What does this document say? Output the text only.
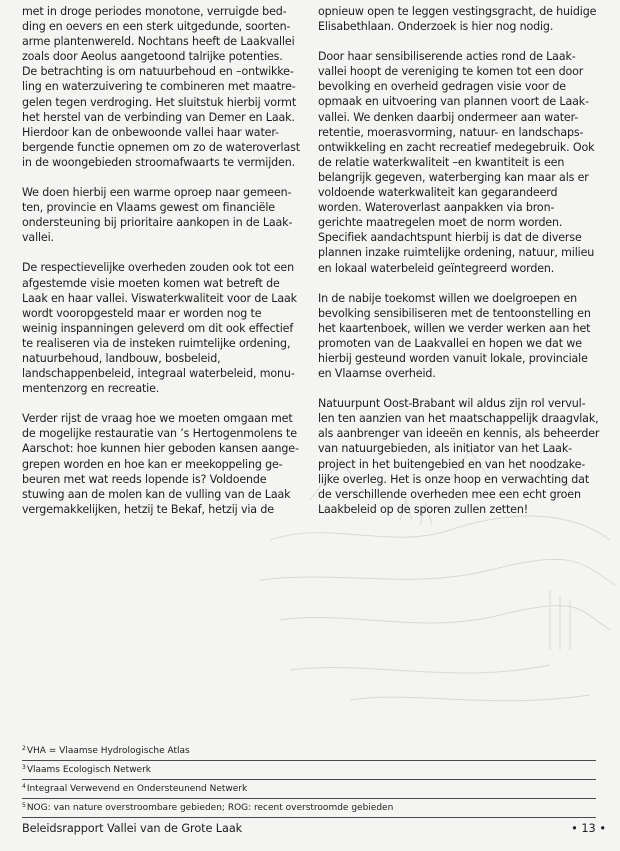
met in droge periodes monotone, verruigde bed-
ding en oevers en een sterk uitgedunde, soorten-
arme plantenwereld. Nochtans heeft de Laakvallei
zoals door Aeolus aangetoond talrijke potenties.
De betrachting is om natuurbehoud en –ontwikke-
ling en waterzuivering te combineren met maatre-
gelen tegen verdroging. Het sluitstuk hierbij vormt
het herstel van de verbinding van Demer en Laak.
Hierdoor kan de onbewoonde vallei haar water-
bergende functie opnemen om zo de wateroverlast
in de woongebieden stroomafwaarts te vermijden.

We doen hierbij een warme oproep naar gemeen-
ten, provincie en Vlaams gewest om financiële
ondersteuning bij prioritaire aankopen in de Laak-
vallei.

De respectievelijke overheden zouden ook tot een
afgestemde visie moeten komen wat betreft de
Laak en haar vallei. Viswaterkwaliteit voor de Laak
wordt vooropgesteld maar er worden nog te
weinig inspanningen geleverd om dit ook effectief
te realiseren via de insteken ruimtelijke ordening,
natuurbehoud, landbouw, bosbeleid,
landschappenbeleid, integraal waterbeleid, monu-
mentenzorg en recreatie.

Verder rijst de vraag hoe we moeten omgaan met
de mogelijke restauratie van ’s Hertogenmolens te
Aarschot: hoe kunnen hier geboden kansen aange-
grepen worden en hoe kan er meekoppeling ge-
beuren met wat reeds lopende is? Voldoende
stuwing aan de molen kan de vulling van de Laak
vergemakkelijken, hetzij te Bekaf, hetzij via de

opnieuw open te leggen vestingsgracht, de huidige
Elisabethlaan. Onderzoek is hier nog nodig.

Door haar sensibiliserende acties rond de Laak-
vallei hoopt de vereniging te komen tot een door
bevolking en overheid gedragen visie voor de
opmaak en uitvoering van plannen voort de Laak-
vallei. We denken daarbij ondermeer aan water-
retentie, moerasvorming, natuur- en landschaps-
ontwikkeling en zacht recreatief medegebruik. Ook
de relatie waterkwaliteit –en kwantiteit is een
belangrijk gegeven, waterberging kan maar als er
voldoende waterkwaliteit kan gegarandeerd
worden. Wateroverlast aanpakken via bron-
gerichte maatregelen moet de norm worden.
Specifiek aandachtspunt hierbij is dat de diverse
plannen inzake ruimtelijke ordening, natuur, milieu
en lokaal waterbeleid geïntegreerd worden.

In de nabije toekomst willen we doelgroepen en
bevolking sensibiliseren met de tentoonstelling en
het kaartenboek, willen we verder werken aan het
promoten van de Laakvallei en hopen we dat we
hierbij gesteund worden vanuit lokale, provinciale
en Vlaamse overheid.

Natuurpunt Oost-Brabant wil aldus zijn rol vervul-
len ten aanzien van het maatschappelijk draagvlak,
als aanbrenger van ideeën en kennis, als beheerder
van natuurgebieden, als initiator van het Laak-
project in het buitengebied en van het noodzake-
lijke overleg. Het is onze hoop en verwachting dat
de verschillende overheden mee een echt groen
Laakbeleid op de sporen zullen zetten!

$^2$VHA = Vlaamse Hydrologische Atlas
$^3$Vlaams Ecologisch Netwerk
$^4$Integraal Verwevend en Ondersteunend Netwerk
$^5$NOG: van nature overstroombare gebieden; ROG: recent overstroomde gebieden
Beleidsrapport Vallei van de Grote Laak	• 13 •
